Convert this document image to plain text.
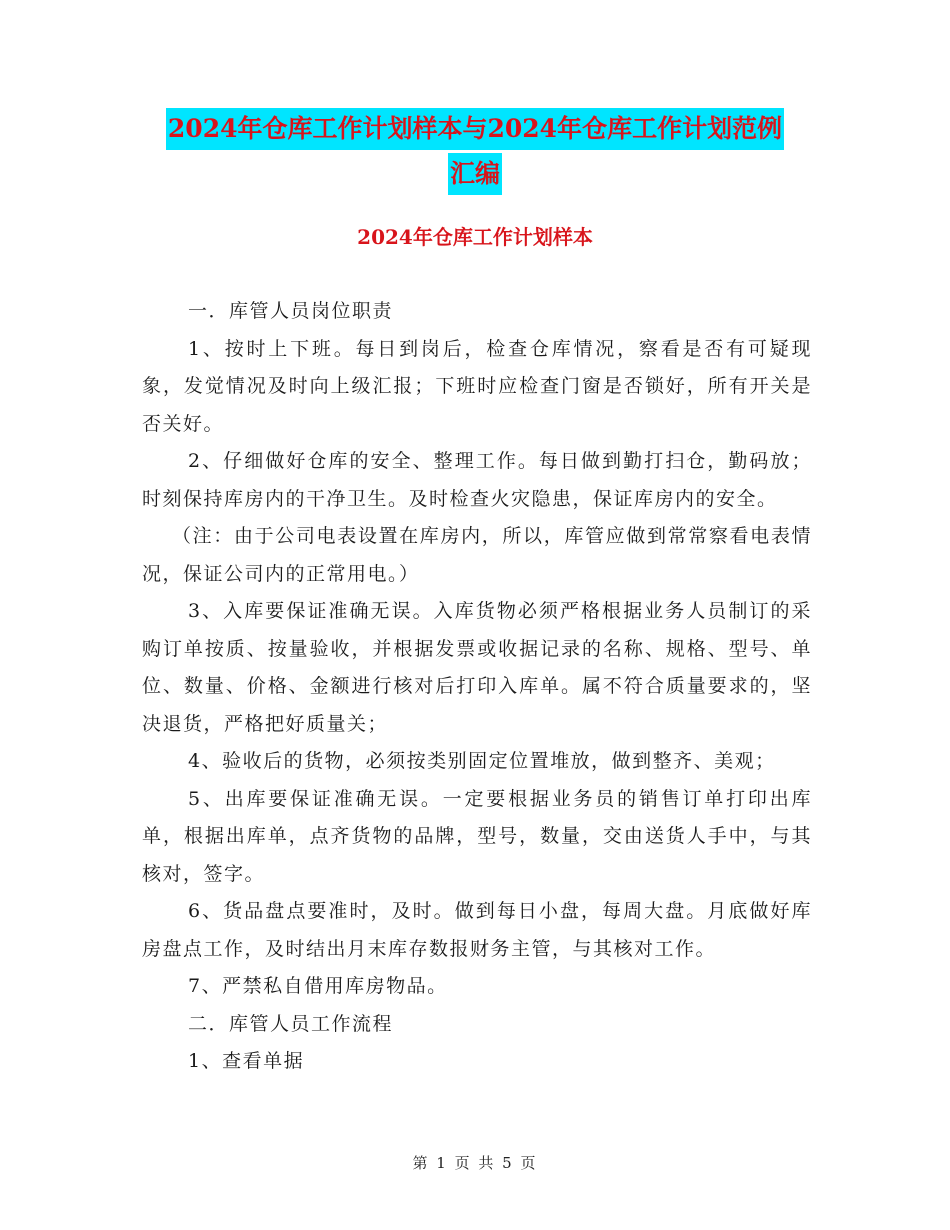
2024年仓库工作计划样本与2024年仓库工作计划范例
汇编
2024年仓库工作计划样本

一．库管人员岗位职责

1、按时上下班。每日到岗后，检查仓库情况，察看是否有可疑现象，发觉情况及时向上级汇报；下班时应检查门窗是否锁好，所有开关是否关好。

2、仔细做好仓库的安全、整理工作。每日做到勤打扫仓，勤码放；时刻保持库房内的干净卫生。及时检查火灾隐患，保证库房内的安全。

（注：由于公司电表设置在库房内，所以，库管应做到常常察看电表情况，保证公司内的正常用电。）

3、入库要保证准确无误。入库货物必须严格根据业务人员制订的采购订单按质、按量验收，并根据发票或收据记录的名称、规格、型号、单位、数量、价格、金额进行核对后打印入库单。属不符合质量要求的，坚决退货，严格把好质量关；

4、验收后的货物，必须按类别固定位置堆放，做到整齐、美观；

5、出库要保证准确无误。一定要根据业务员的销售订单打印出库单，根据出库单，点齐货物的品牌，型号，数量，交由送货人手中，与其核对，签字。

6、货品盘点要准时，及时。做到每日小盘，每周大盘。月底做好库房盘点工作，及时结出月末库存数报财务主管，与其核对工作。

7、严禁私自借用库房物品。

二．库管人员工作流程

1、查看单据

第 1 页 共 5 页
